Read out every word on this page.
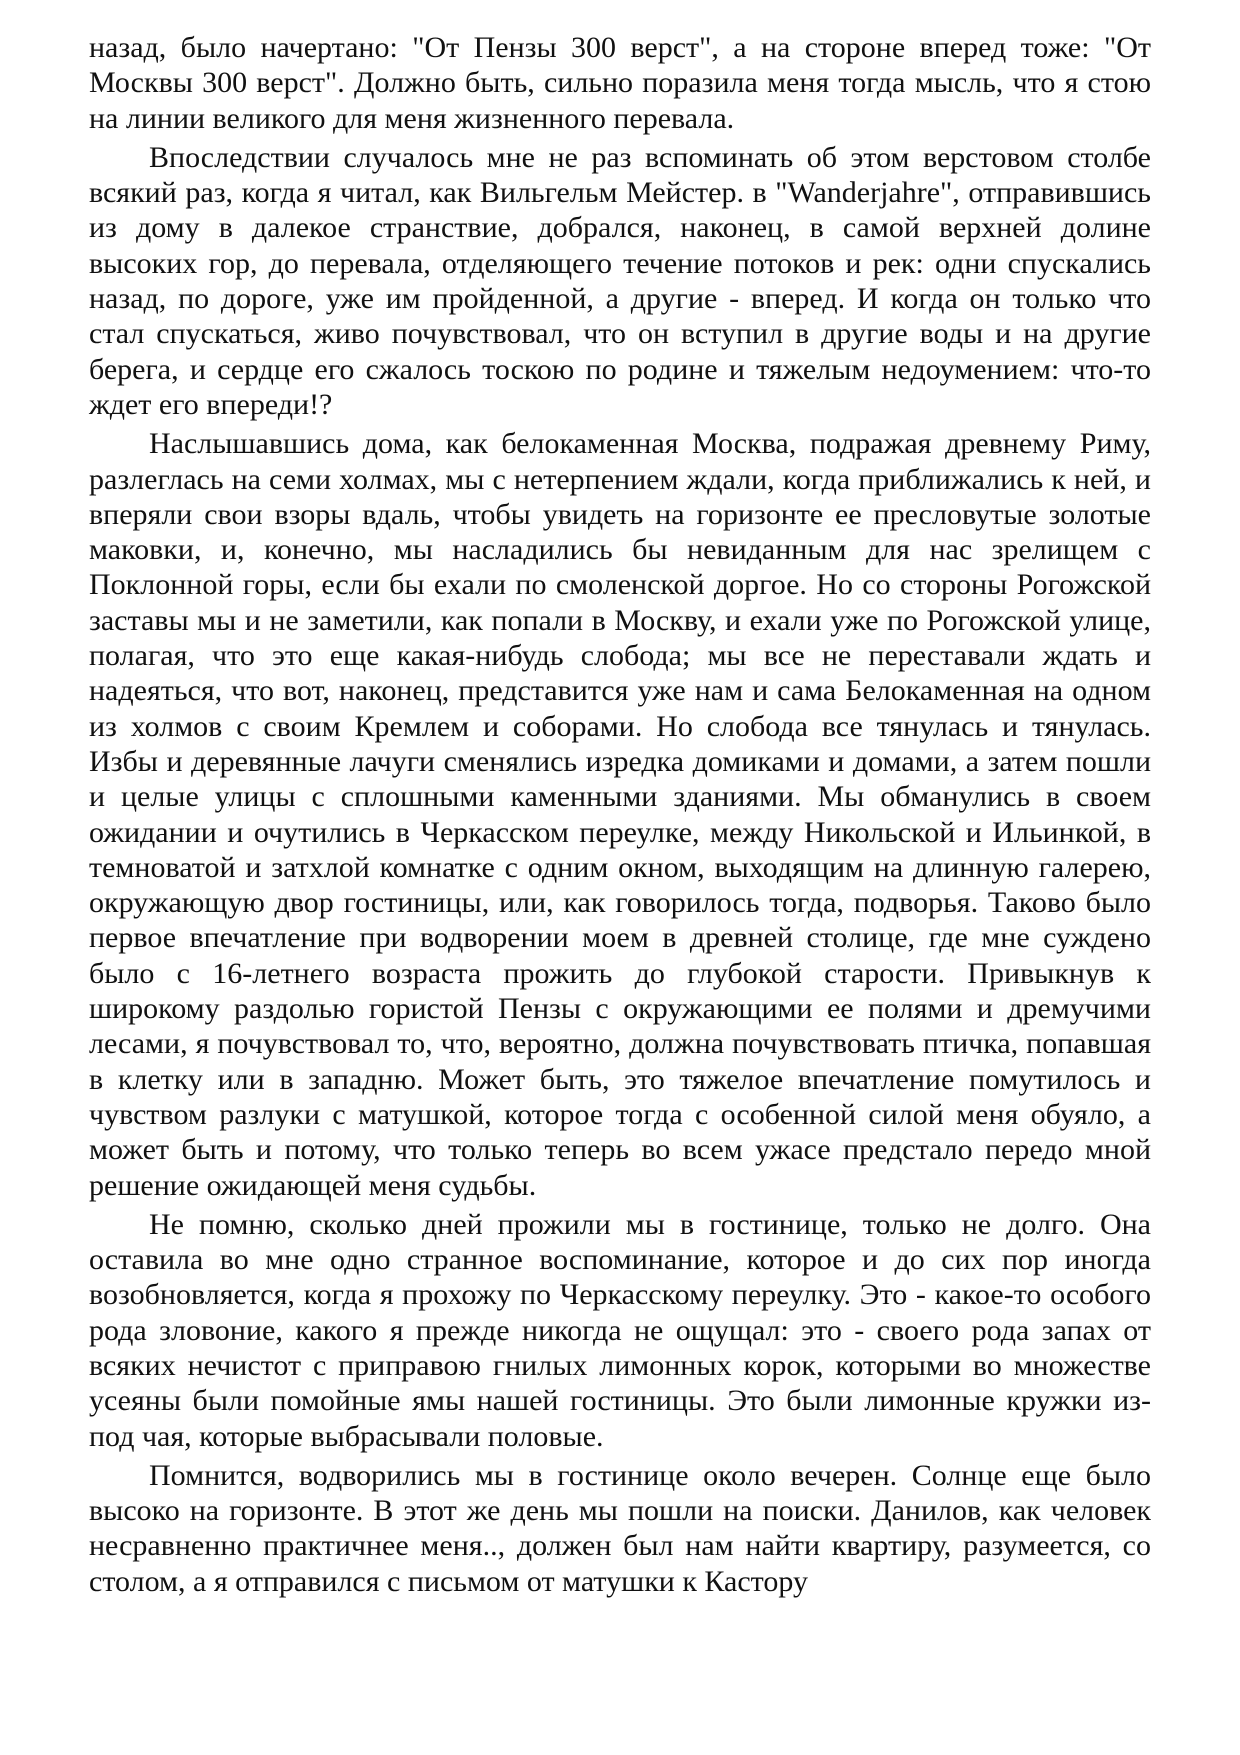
назад, было начертано: "От Пензы 300 верст", а на стороне вперед тоже: "От Москвы 300 верст". Должно быть, сильно поразила меня тогда мысль, что я стою на линии великого для меня жизненного перевала.

Впоследствии случалось мне не раз вспоминать об этом верстовом столбе всякий раз, когда я читал, как Вильгельм Мейстер. в "Wanderjahre", отправившись из дому в далекое странствие, добрался, наконец, в самой верхней долине высоких гор, до перевала, отделяющего течение потоков и рек: одни спускались назад, по дороге, уже им пройденной, а другие - вперед. И когда он только что стал спускаться, живо почувствовал, что он вступил в другие воды и на другие берега, и сердце его сжалось тоскою по родине и тяжелым недоумением: что-то ждет его впереди!?

Наслышавшись дома, как белокаменная Москва, подражая древнему Риму, разлеглась на семи холмах, мы с нетерпением ждали, когда приближались к ней, и вперяли свои взоры вдаль, чтобы увидеть на горизонте ее пресловутые золотые маковки, и, конечно, мы насладились бы невиданным для нас зрелищем с Поклонной горы, если бы ехали по смоленской доргое. Но со стороны Рогожской заставы мы и не заметили, как попали в Москву, и ехали уже по Рогожской улице, полагая, что это еще какая-нибудь слобода; мы все не переставали ждать и надеяться, что вот, наконец, представится уже нам и сама Белокаменная на одном из холмов с своим Кремлем и соборами. Но слобода все тянулась и тянулась. Избы и деревянные лачуги сменялись изредка домиками и домами, а затем пошли и целые улицы с сплошными каменными зданиями. Мы обманулись в своем ожидании и очутились в Черкасском переулке, между Никольской и Ильинкой, в темноватой и затхлой комнатке с одним окном, выходящим на длинную галерею, окружающую двор гостиницы, или, как говорилось тогда, подворья. Таково было первое впечатление при водворении моем в древней столице, где мне суждено было с 16-летнего возраста прожить до глубокой старости. Привыкнув к широкому раздолью гористой Пензы с окружающими ее полями и дремучими лесами, я почувствовал то, что, вероятно, должна почувствовать птичка, попавшая в клетку или в западню. Может быть, это тяжелое впечатление помутилось и чувством разлуки с матушкой, которое тогда с особенной силой меня обуяло, а может быть и потому, что только теперь во всем ужасе предстало передо мной решение ожидающей меня судьбы.

Не помню, сколько дней прожили мы в гостинице, только не долго. Она оставила во мне одно странное воспоминание, которое и до сих пор иногда возобновляется, когда я прохожу по Черкасскому переулку. Это - какое-то особого рода зловоние, какого я прежде никогда не ощущал: это - своего рода запах от всяких нечистот с приправою гнилых лимонных корок, которыми во множестве усеяны были помойные ямы нашей гостиницы. Это были лимонные кружки из-под чая, которые выбрасывали половые.

Помнится, водворились мы в гостинице около вечерен. Солнце еще было высоко на горизонте. В этот же день мы пошли на поиски. Данилов, как человек несравненно практичнее меня.., должен был нам найти квартиру, разумеется, со столом, а я отправился с письмом от матушки к Кастору
